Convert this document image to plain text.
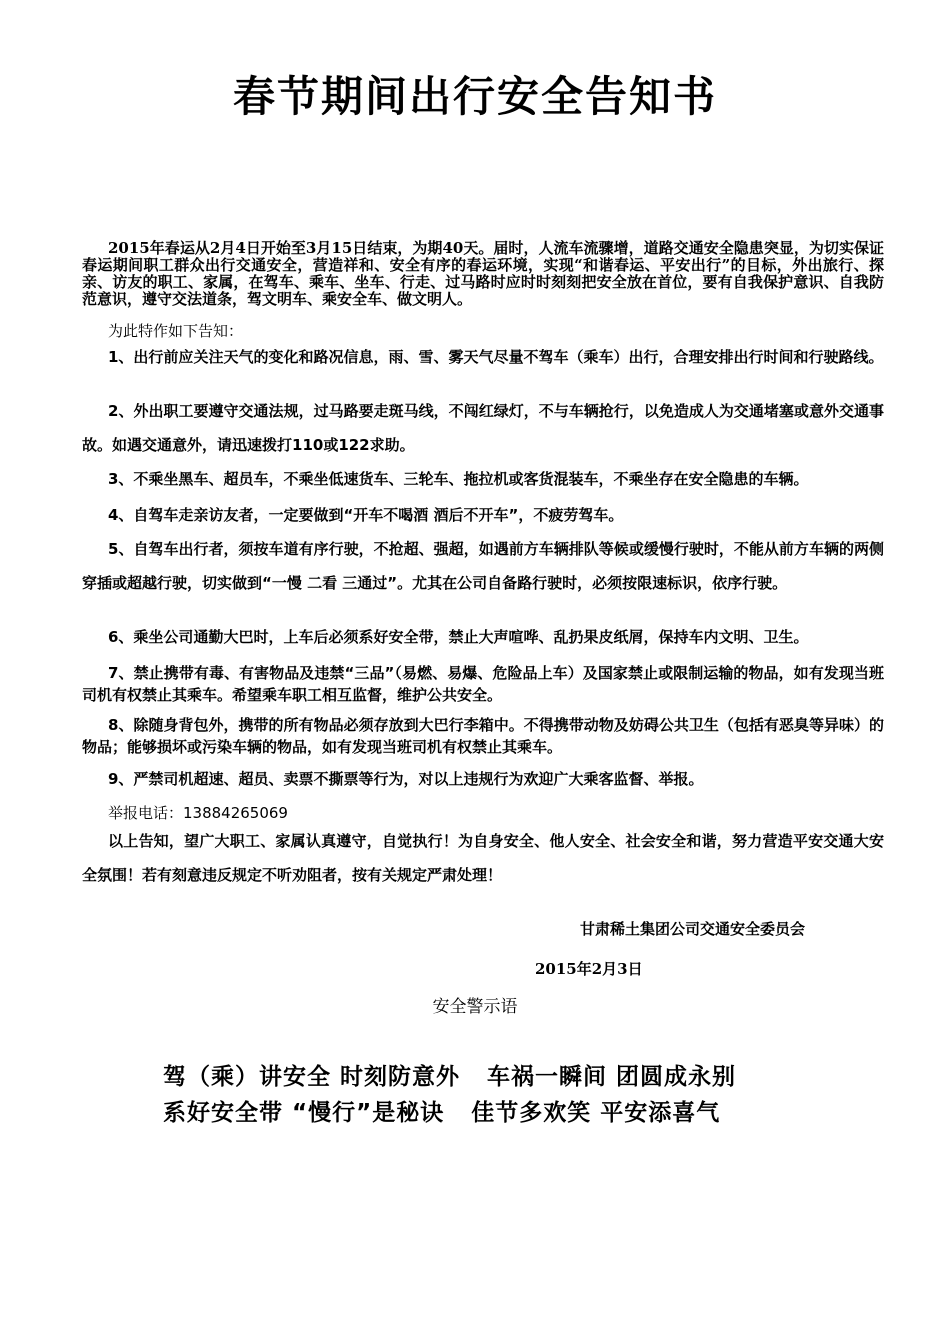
春节期间出行安全告知书

2015年春运从2月4日开始至3月15日结束，为期40天。届时，人流车流骤增，道路交通安全隐患突显，为切实保证春运期间职工群众出行交通安全，营造祥和、安全有序的春运环境，实现“和谐春运、平安出行”的目标，外出旅行、探亲、访友的职工、家属，在驾车、乘车、坐车、行走、过马路时应时时刻刻把安全放在首位，要有自我保护意识、自我防范意识，遵守交法道条，驾文明车、乘安全车、做文明人。

为此特作如下告知：

1、出行前应关注天气的变化和路况信息，雨、雪、雾天气尽量不驾车（乘车）出行，合理安排出行时间和行驶路线。

2、外出职工要遵守交通法规，过马路要走斑马线，不闯红绿灯，不与车辆抢行，以免造成人为交通堵塞或意外交通事故。如遇交通意外，请迅速拨打110或122求助。

3、不乘坐黑车、超员车，不乘坐低速货车、三轮车、拖拉机或客货混装车，不乘坐存在安全隐患的车辆。

4、自驾车走亲访友者，一定要做到“开车不喝酒 酒后不开车”，不疲劳驾车。

5、自驾车出行者，须按车道有序行驶，不抢超、强超，如遇前方车辆排队等候或缓慢行驶时，不能从前方车辆的两侧穿插或超越行驶，切实做到“一慢 二看 三通过”。尤其在公司自备路行驶时，必须按限速标识，依序行驶。

6、乘坐公司通勤大巴时，上车后必须系好安全带，禁止大声喧哗、乱扔果皮纸屑，保持车内文明、卫生。

7、禁止携带有毒、有害物品及违禁“三品”（易燃、易爆、危险品上车）及国家禁止或限制运输的物品，如有发现当班司机有权禁止其乘车。希望乘车职工相互监督，维护公共安全。

8、除随身背包外，携带的所有物品必须存放到大巴行李箱中。不得携带动物及妨碍公共卫生（包括有恶臭等异味）的物品；能够损坏或污染车辆的物品，如有发现当班司机有权禁止其乘车。

9、严禁司机超速、超员、卖票不撕票等行为，对以上违规行为欢迎广大乘客监督、举报。

举报电话：13884265069

以上告知，望广大职工、家属认真遵守，自觉执行！为自身安全、他人安全、社会安全和谐，努力营造平安交通大安全氛围！若有刻意违反规定不听劝阻者，按有关规定严肃处理！

甘肃稀土集团公司交通安全委员会
2015年2月3日
安全警示语
驾（乘）讲安全 时刻防意外   车祸一瞬间 团圆成永别
系好安全带 “慢行”是秘诀   佳节多欢笑 平安添喜气
